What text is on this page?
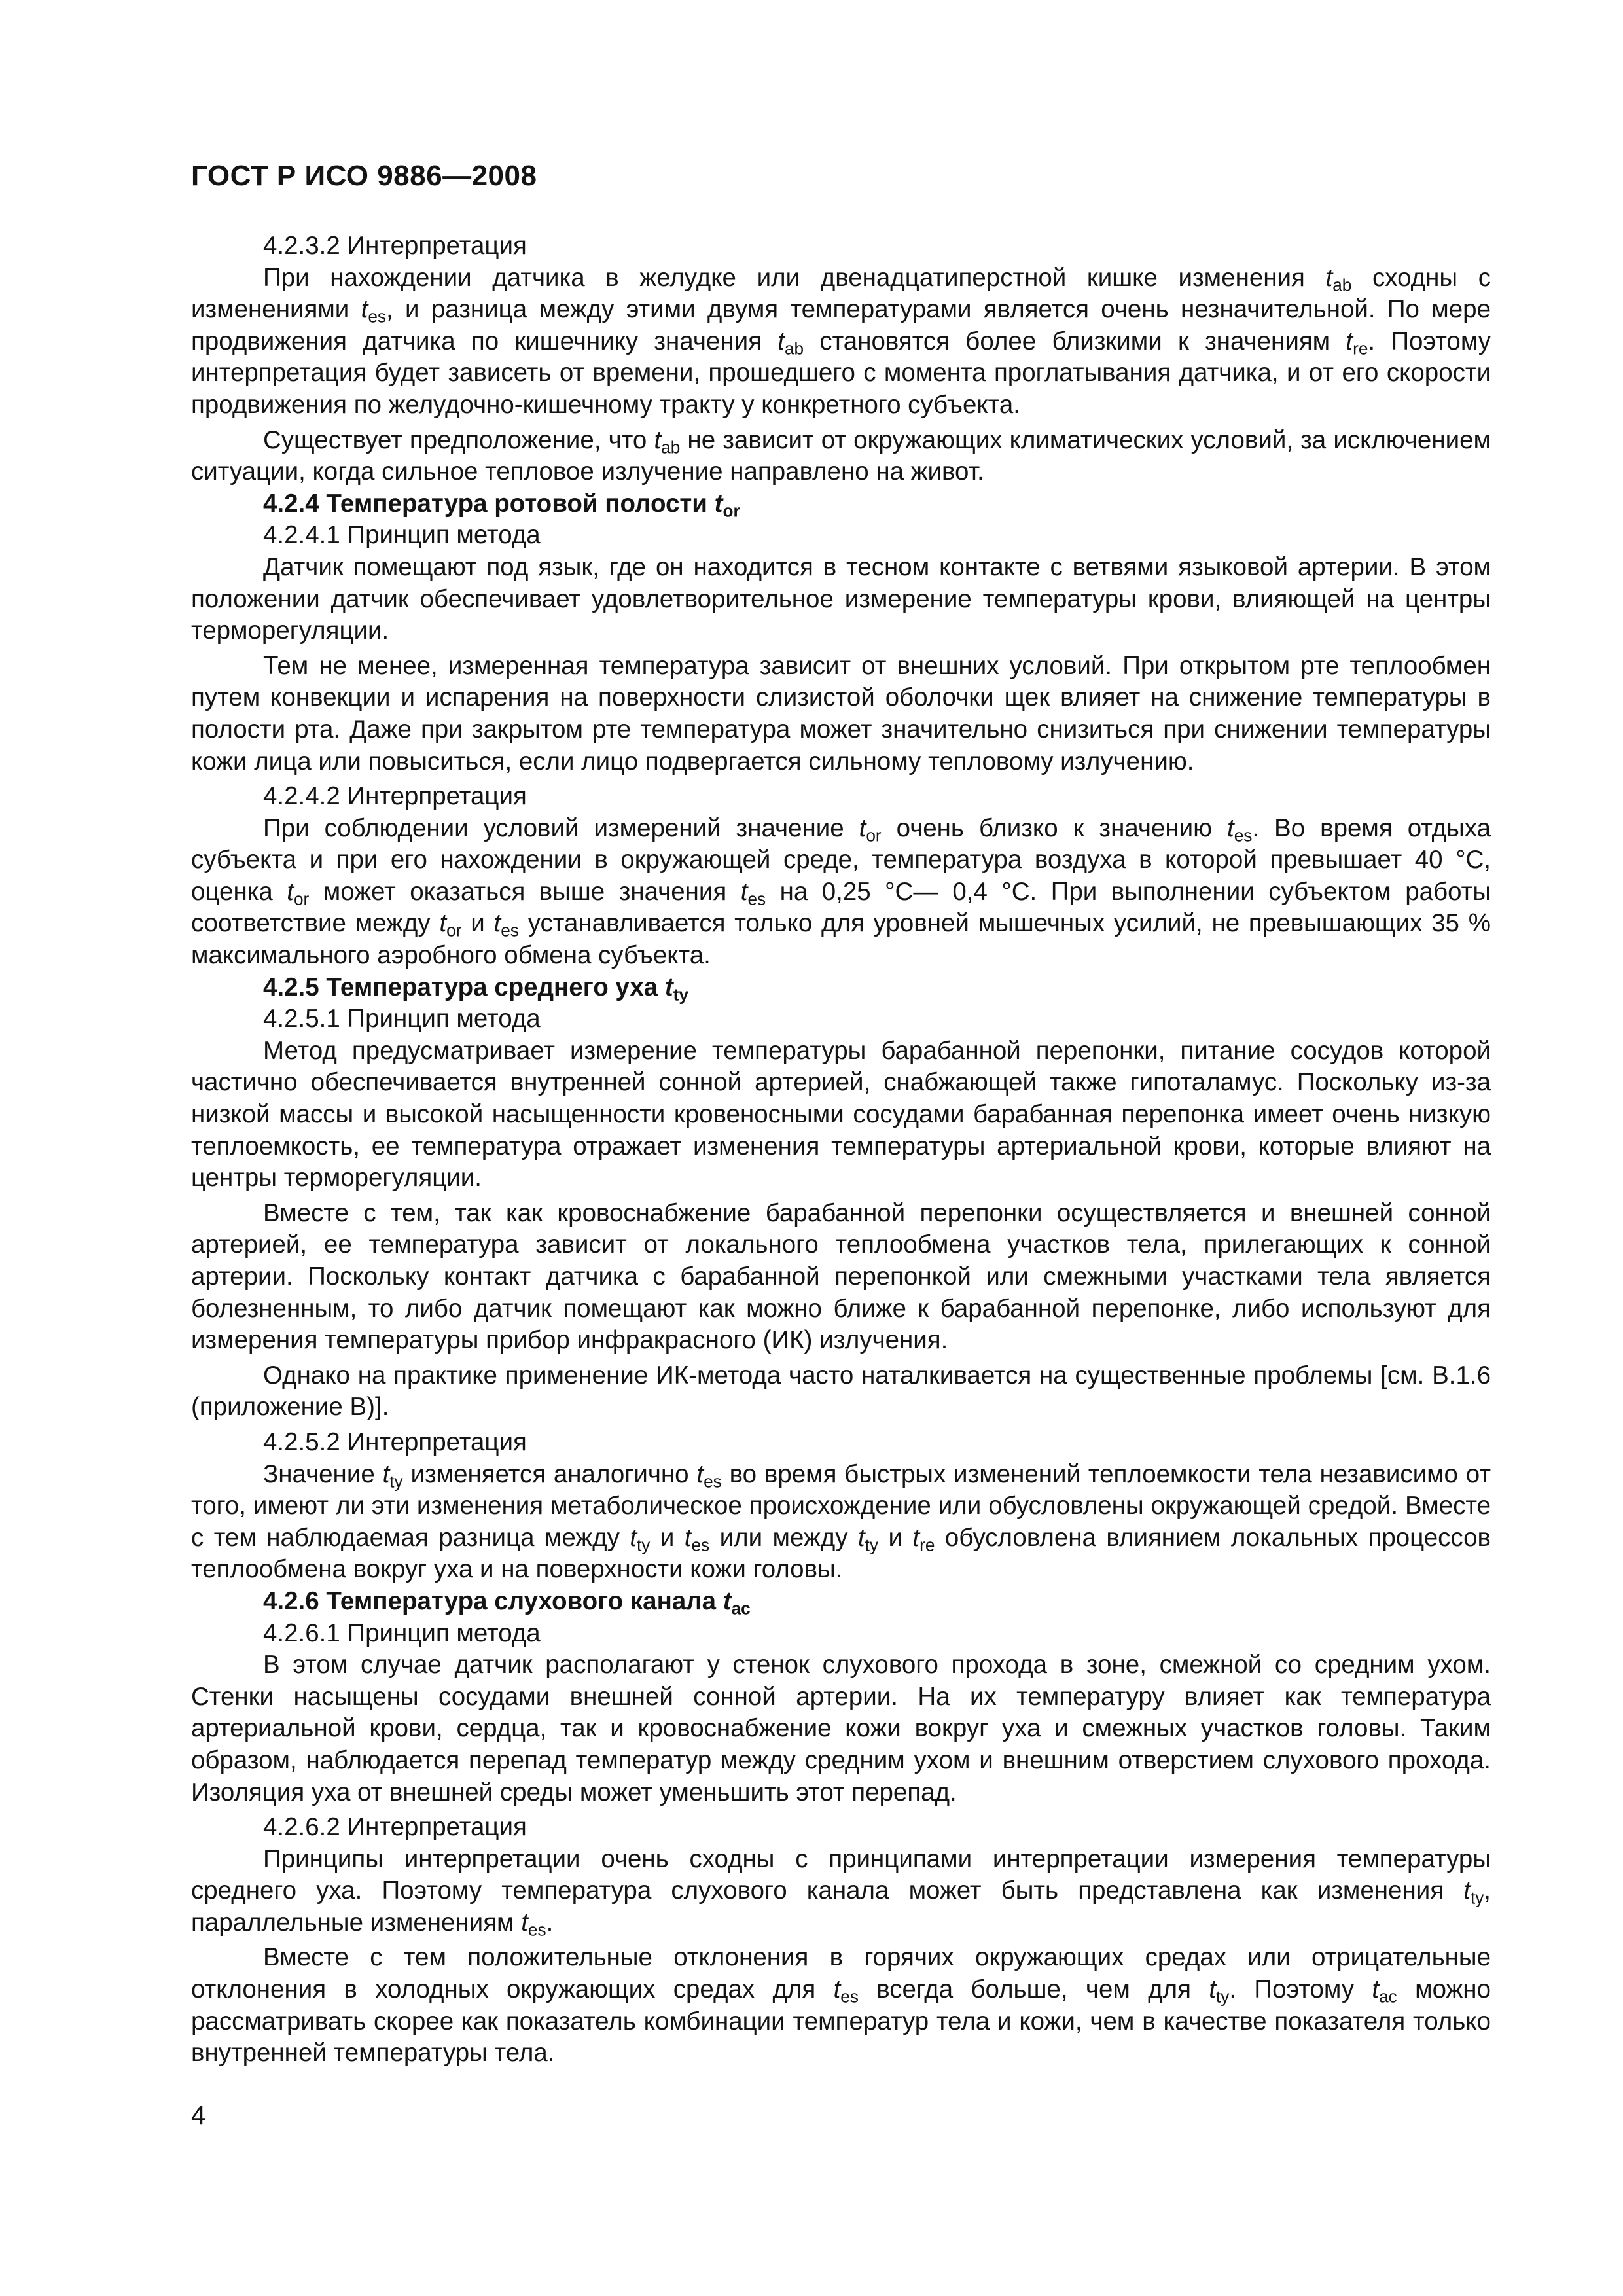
ГОСТ Р ИСО 9886—2008

4.2.3.2 Интерпретация

При нахождении датчика в желудке или двенадцатиперстной кишке изменения $t_{ab}$ сходны с изменениями $t_{es}$, и разница между этими двумя температурами является очень незначительной. По мере продвижения датчика по кишечнику значения $t_{ab}$ становятся более близкими к значениям $t_{re}$. Поэтому интерпретация будет зависеть от времени, прошедшего с момента проглатывания датчика, и от его скорости продвижения по желудочно-кишечному тракту у конкретного субъекта.

Существует предположение, что $t_{ab}$ не зависит от окружающих климатических условий, за исключением ситуации, когда сильное тепловое излучение направлено на живот.

4.2.4 Температура ротовой полости $t_{or}$

4.2.4.1 Принцип метода

Датчик помещают под язык, где он находится в тесном контакте с ветвями языковой артерии. В этом положении датчик обеспечивает удовлетворительное измерение температуры крови, влияющей на центры терморегуляции.

Тем не менее, измеренная температура зависит от внешних условий. При открытом рте теплообмен путем конвекции и испарения на поверхности слизистой оболочки щек влияет на снижение температуры в полости рта. Даже при закрытом рте температура может значительно снизиться при снижении температуры кожи лица или повыситься, если лицо подвергается сильному тепловому излучению.

4.2.4.2 Интерпретация

При соблюдении условий измерений значение $t_{or}$ очень близко к значению $t_{es}$. Во время отдыха субъекта и при его нахождении в окружающей среде, температура воздуха в которой превышает 40 °С, оценка $t_{or}$ может оказаться выше значения $t_{es}$ на 0,25 °С— 0,4 °С. При выполнении субъектом работы соответствие между $t_{or}$ и $t_{es}$ устанавливается только для уровней мышечных усилий, не превышающих 35 % максимального аэробного обмена субъекта.

4.2.5 Температура среднего уха $t_{ty}$

4.2.5.1 Принцип метода

Метод предусматривает измерение температуры барабанной перепонки, питание сосудов которой частично обеспечивается внутренней сонной артерией, снабжающей также гипоталамус. Поскольку из-за низкой массы и высокой насыщенности кровеносными сосудами барабанная перепонка имеет очень низкую теплоемкость, ее температура отражает изменения температуры артериальной крови, которые влияют на центры терморегуляции.

Вместе с тем, так как кровоснабжение барабанной перепонки осуществляется и внешней сонной артерией, ее температура зависит от локального теплообмена участков тела, прилегающих к сонной артерии. Поскольку контакт датчика с барабанной перепонкой или смежными участками тела является болезненным, то либо датчик помещают как можно ближе к барабанной перепонке, либо используют для измерения температуры прибор инфракрасного (ИК) излучения.

Однако на практике применение ИК-метода часто наталкивается на существенные проблемы [см. В.1.6 (приложение В)].

4.2.5.2 Интерпретация

Значение $t_{ty}$ изменяется аналогично $t_{es}$ во время быстрых изменений теплоемкости тела независимо от того, имеют ли эти изменения метаболическое происхождение или обусловлены окружающей средой. Вместе с тем наблюдаемая разница между $t_{ty}$ и $t_{es}$ или между $t_{ty}$ и $t_{re}$ обусловлена влиянием локальных процессов теплообмена вокруг уха и на поверхности кожи головы.

4.2.6 Температура слухового канала $t_{ac}$

4.2.6.1 Принцип метода

В этом случае датчик располагают у стенок слухового прохода в зоне, смежной со средним ухом. Стенки насыщены сосудами внешней сонной артерии. На их температуру влияет как температура артериальной крови, сердца, так и кровоснабжение кожи вокруг уха и смежных участков головы. Таким образом, наблюдается перепад температур между средним ухом и внешним отверстием слухового прохода. Изоляция уха от внешней среды может уменьшить этот перепад.

4.2.6.2 Интерпретация

Принципы интерпретации очень сходны с принципами интерпретации измерения температуры среднего уха. Поэтому температура слухового канала может быть представлена как изменения $t_{ty}$, параллельные изменениям $t_{es}$.

Вместе с тем положительные отклонения в горячих окружающих средах или отрицательные отклонения в холодных окружающих средах для $t_{es}$ всегда больше, чем для $t_{ty}$. Поэтому $t_{ac}$ можно рассматривать скорее как показатель комбинации температур тела и кожи, чем в качестве показателя только внутренней температуры тела.

4
